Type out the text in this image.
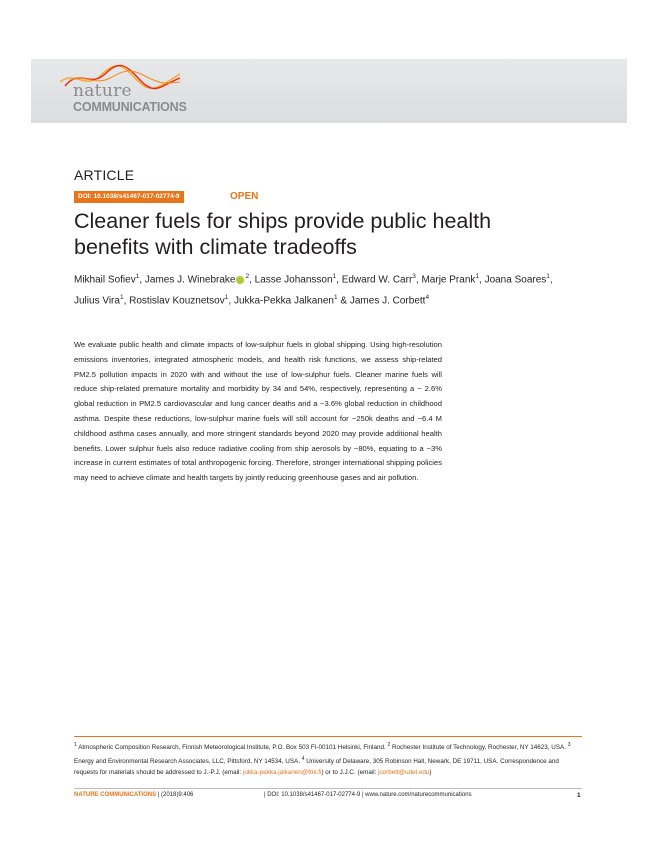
nature
COMMUNICATIONS
ARTICLE
DOI: 10.1038/s41467-017-02774-9	OPEN
Cleaner fuels for ships provide public health benefits with climate tradeoffs
Mikhail Sofiev$^1$, James J. Winebrake $^2$, Lasse Johansson$^1$, Edward W. Carr$^3$, Marje Prank$^1$, Joana Soares$^1$, Julius Vira$^1$, Rostislav Kouznetsov$^1$, Jukka-Pekka Jalkanen$^1$ & James J. Corbett$^4$
We evaluate public health and climate impacts of low-sulphur fuels in global shipping. Using high-resolution emissions inventories, integrated atmospheric models, and health risk functions, we assess ship-related PM2.5 pollution impacts in 2020 with and without the use of low-sulphur fuels. Cleaner marine fuels will reduce ship-related premature mortality and morbidity by 34 and 54%, respectively, representing a ~ 2.6% global reduction in PM2.5 cardiovascular and lung cancer deaths and a ~3.6% global reduction in childhood asthma. Despite these reductions, low-sulphur marine fuels will still account for ~250k deaths and ~6.4 M childhood asthma cases annually, and more stringent standards beyond 2020 may provide additional health benefits. Lower sulphur fuels also reduce radiative cooling from ship aerosols by ~80%, equating to a ~3% increase in current estimates of total anthropogenic forcing. Therefore, stronger international shipping policies may need to achieve climate and health targets by jointly reducing greenhouse gases and air pollution.
$^1$ Atmospheric Composition Research, Finnish Meteorological Institute, P.O. Box 503 FI-00101 Helsinki, Finland. $^2$ Rochester Institute of Technology, Rochester, NY 14623, USA. $^3$ Energy and Environmental Research Associates, LLC, Pittsford, NY 14534, USA. $^4$ University of Delaware, 305 Robinson Hall, Newark, DE 19711, USA. Correspondence and requests for materials should be addressed to J.-P.J. (email: jukka-pekka.jalkanen@fmi.fi) or to J.J.C. (email: jcorbett@udel.edu)
NATURE COMMUNICATIONS | (2018)9:406	| DOI: 10.1038/s41467-017-02774-9 | www.nature.com/naturecommunications	1
